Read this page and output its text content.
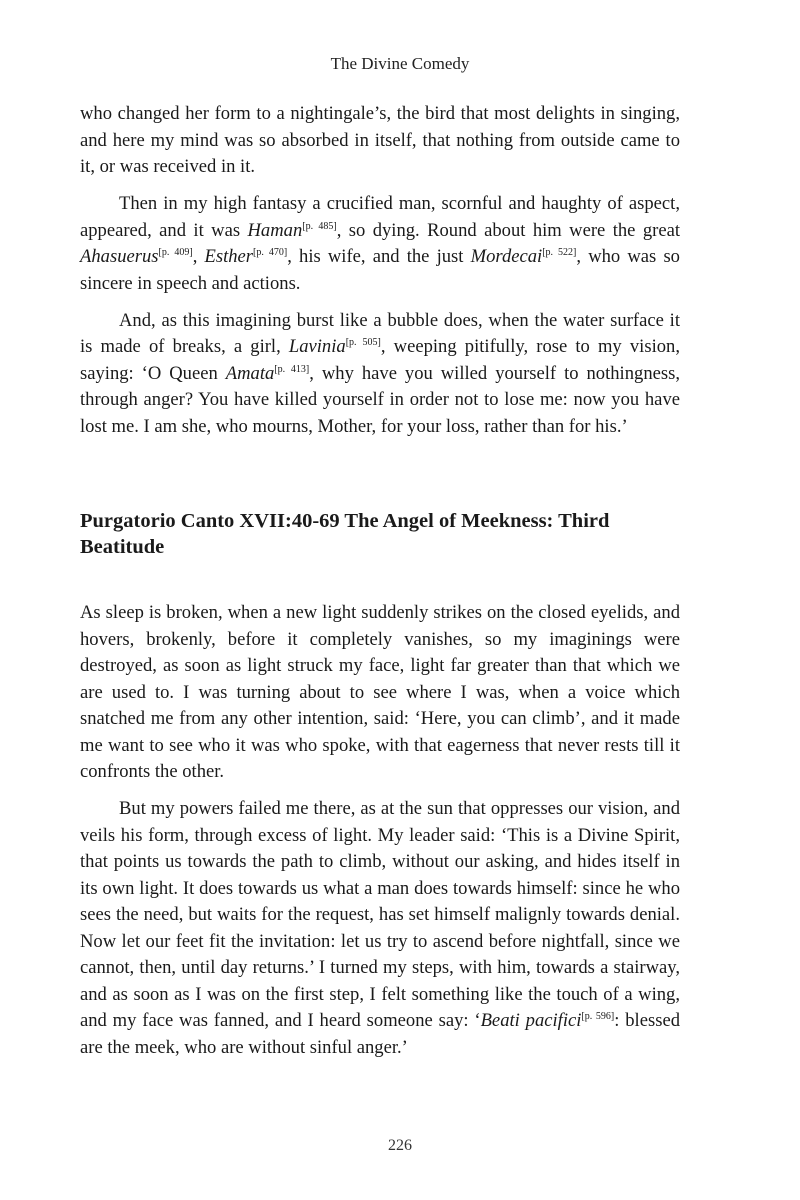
The Divine Comedy

who changed her form to a nightingale’s, the bird that most delights in singing, and here my mind was so absorbed in itself, that nothing from outside came to it, or was received in it.

Then in my high fantasy a crucified man, scornful and haughty of aspect, appeared, and it was Haman[p. 485], so dying. Round about him were the great Ahasuerus[p. 409], Esther[p. 470], his wife, and the just Mordecai[p. 522], who was so sincere in speech and actions.

And, as this imagining burst like a bubble does, when the water surface it is made of breaks, a girl, Lavinia[p. 505], weeping pitifully, rose to my vision, saying: ‘O Queen Amata[p. 413], why have you willed yourself to nothingness, through anger? You have killed yourself in order not to lose me: now you have lost me. I am she, who mourns, Mother, for your loss, rather than for his.’

Purgatorio Canto XVII:40-69 The Angel of Meekness: Third Beatitude

As sleep is broken, when a new light suddenly strikes on the closed eyelids, and hovers, brokenly, before it completely vanishes, so my imaginings were destroyed, as soon as light struck my face, light far greater than that which we are used to. I was turning about to see where I was, when a voice which snatched me from any other intention, said: ‘Here, you can climb’, and it made me want to see who it was who spoke, with that eagerness that never rests till it confronts the other.

But my powers failed me there, as at the sun that oppresses our vision, and veils his form, through excess of light. My leader said: ‘This is a Divine Spirit, that points us towards the path to climb, without our asking, and hides itself in its own light. It does towards us what a man does towards himself: since he who sees the need, but waits for the request, has set himself malignly towards denial. Now let our feet fit the invitation: let us try to ascend before nightfall, since we cannot, then, until day returns.’ I turned my steps, with him, towards a stairway, and as soon as I was on the first step, I felt something like the touch of a wing, and my face was fanned, and I heard someone say: ‘Beati pacifici[p. 596]: blessed are the meek, who are without sinful anger.’

226
